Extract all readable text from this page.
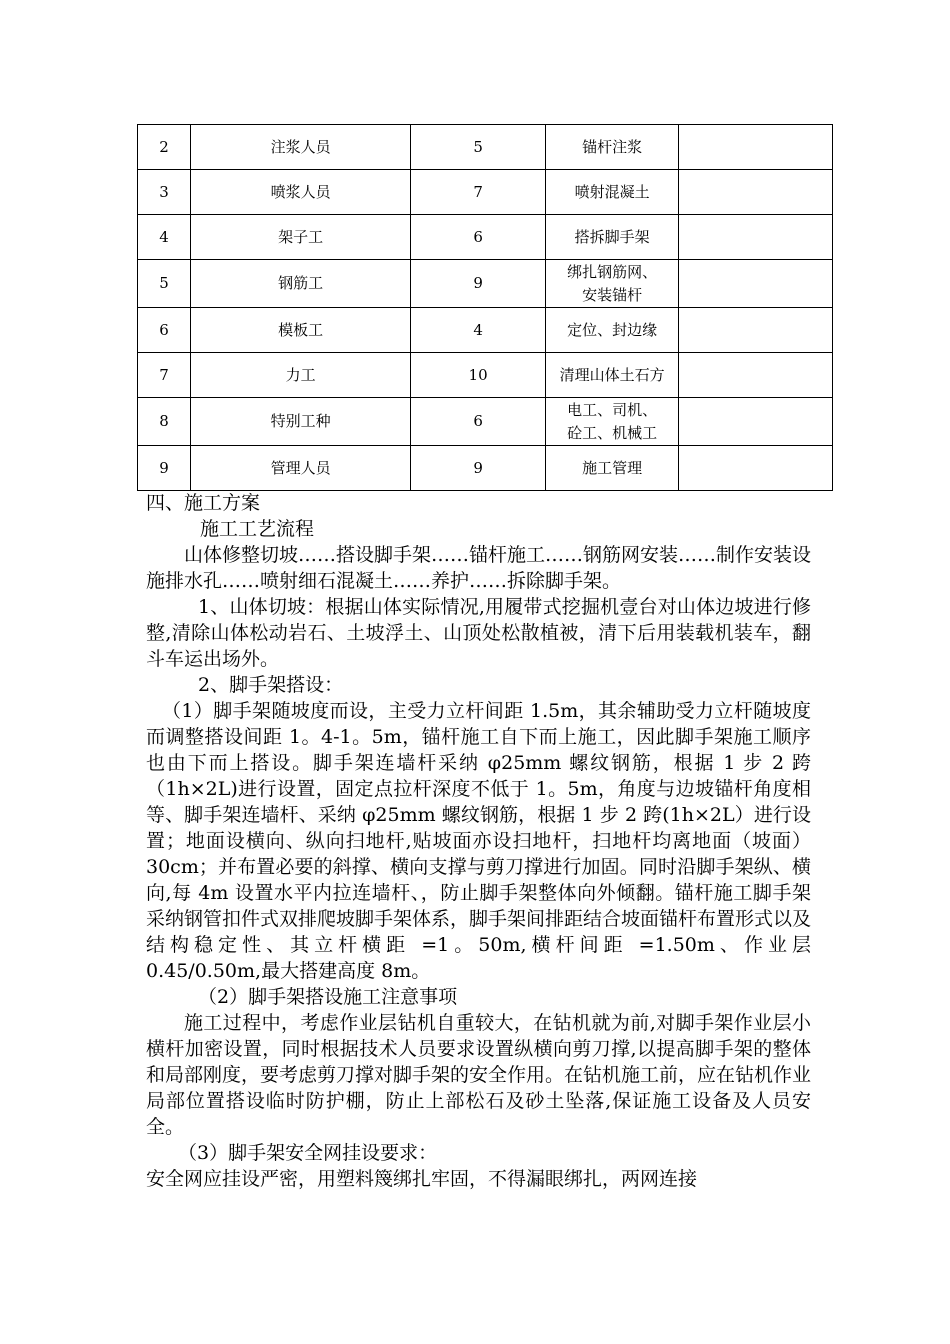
2	注浆人员	5	锚杆注浆	

3	喷浆人员	7	喷射混凝土	

4	架子工	6	搭拆脚手架	

5	钢筋工	9	绑扎钢筋网、
安装锚杆	

6	模板工	4	定位、封边缘	

7	力工	10	清理山体土石方	

8	特别工种	6	电工、司机、
砼工、机械工	

9	管理人员	9	施工管理	

四、施工方案

施工工艺流程

山体修整切坡……搭设脚手架……锚杆施工……钢筋网安装……制作安装设施排水孔……喷射细石混凝土……养护……拆除脚手架。

1、山体切坡：根据山体实际情况,用履带式挖掘机壹台对山体边坡进行修整,清除山体松动岩石、土坡浮土、山顶处松散植被，清下后用装载机装车，翻斗车运出场外。

2、脚手架搭设：

（1）脚手架随坡度而设，主受力立杆间距 1.5m，其余辅助受力立杆随坡度而调整搭设间距 1。4-1。5m，锚杆施工自下而上施工，因此脚手架施工顺序也由下而上搭设。脚手架连墙杆采纳 φ25mm 螺纹钢筋，根据 1 步 2 跨（1h×2L)进行设置，固定点拉杆深度不低于 1。5m，角度与边坡锚杆角度相等、脚手架连墙杆、采纳 φ25mm 螺纹钢筋，根据 1 步 2 跨(1h×2L）进行设置；地面设横向、纵向扫地杆,贴坡面亦设扫地杆，扫地杆均离地面（坡面）30cm；并布置必要的斜撑、横向支撑与剪刀撑进行加固。同时沿脚手架纵、横向,每 4m 设置水平内拉连墙杆、，防止脚手架整体向外倾翻。锚杆施工脚手架采纳钢管扣件式双排爬坡脚手架体系，脚手架间排距结合坡面锚杆布置形式以及结构稳定性、其立杆横距 =1。50m,横杆间距 =1.50m、作业层 0.45/0.50m,最大搭建高度 8m。

（2）脚手架搭设施工注意事项

施工过程中，考虑作业层钻机自重较大，在钻机就为前,对脚手架作业层小横杆加密设置，同时根据技术人员要求设置纵横向剪刀撑,以提高脚手架的整体和局部刚度，要考虑剪刀撑对脚手架的安全作用。在钻机施工前，应在钻机作业局部位置搭设临时防护棚，防止上部松石及砂土坠落,保证施工设备及人员安全。

（3）脚手架安全网挂设要求：

安全网应挂设严密，用塑料篾绑扎牢固，不得漏眼绑扎，两网连接
